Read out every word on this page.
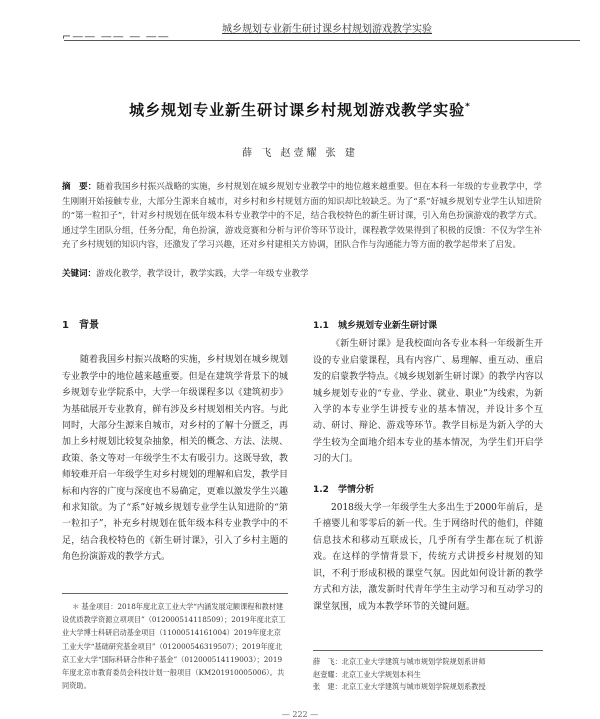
⌐—— —— — ——
城乡规划专业新生研讨课乡村规划游戏教学实验
城乡规划专业新生研讨课乡村规划游戏教学实验*
薛 飞 赵壹耀 张 建
摘　要：随着我国乡村振兴战略的实施，乡村规划在城乡规划专业教学中的地位越来越重要。但在本科一年级的专业教学中，学生刚刚开始接触专业，大部分生源来自城市，对乡村和乡村规划方面的知识却比较缺乏。为了“系”好城乡规划专业学生认知进阶的“第一粒扣子”，针对乡村规划在低年级本科专业教学中的不足，结合我校特色的新生研讨课，引入角色扮演游戏的教学方式。通过学生团队分组，任务分配，角色扮演，游戏竞赛和分析与评价等环节设计，课程教学效果得到了积极的反馈：不仅为学生补充了乡村规划的知识内容，还激发了学习兴趣，还对乡村建相关方协调，团队合作与沟通能力等方面的教学起带来了启发。
关键词：游戏化教学，教学设计，教学实践，大学一年级专业教学
1　背景

随着我国乡村振兴战略的实施，乡村规划在城乡规划专业教学中的地位越来越重要。但是在建筑学背景下的城乡规划专业学院系中，大学一年级课程多以《建筑初步》为基础展开专业教育，鲜有涉及乡村规划相关内容。与此同时，大部分生源来自城市，对乡村的了解十分匮乏，再加上乡村规划比较复杂抽象，相关的概念、方法、法规、政策、条文等对一年级学生不太有吸引力。这既导致，教师较难开启一年级学生对乡村规划的理解和启发，教学目标和内容的广度与深度也不易确定，更难以激发学生兴趣和求知欲。为了“系”好城乡规划专业学生认知进阶的“第一粒扣子”，补充乡村规划在低年级本科专业教学中的不足，结合我校特色的《新生研讨课》，引入了乡村主题的角色扮演游戏的教学方式。

1.1　城乡规划专业新生研讨课

《新生研讨课》是我校面向各专业本科一年级新生开设的专业启蒙课程，具有内容广、易理解、重互动、重启发的启蒙教学特点。《城乡规划新生研讨课》的教学内容以城乡规划专业的“专业、学业、就业、职业”为线索，为新入学的本专业学生讲授专业的基本情况，并设计多个互动、研讨、辩论、游戏等环节。教学目标是为新入学的大学生较为全面地介绍本专业的基本情况，为学生们开启学习的大门。

1.2　学情分析

2018级大学一年级学生大多出生于2000年前后，是千禧婴儿和零零后的新一代。生于网络时代的他们，伴随信息技术和移动互联成长，几乎所有学生都在玩了机游戏。在这样的学情背景下，传统方式讲授乡村规划的知识，不利于形成积极的课堂气氛。因此如何设计新的教学方式和方法，激发新时代青年学生主动学习和互动学习的课堂氛围，成为本教学环节的关键问题。

＊ 基金项目：2018年度北京工业大学“内涵发展定额课程和教材建设优质教学资源立项项目”（012000514118509）；2019年度北京工业大学博士科研启动基金项目（11000514161004）2019年度北京工业大学“基础研究基金项目”（012000546319507）；2019年度北京工业大学“国际科研合作种子基金”（012000514119003）；2019年度北京市教育委员会科技计划一般项目（KM201910005006）。共同资助。
薛　飞：北京工业大学建筑与城市规划学院规划系讲师
赵壹耀：北京工业大学规划本科生
张　建：北京工业大学建筑与城市规划学院规划系教授
— 222 —
